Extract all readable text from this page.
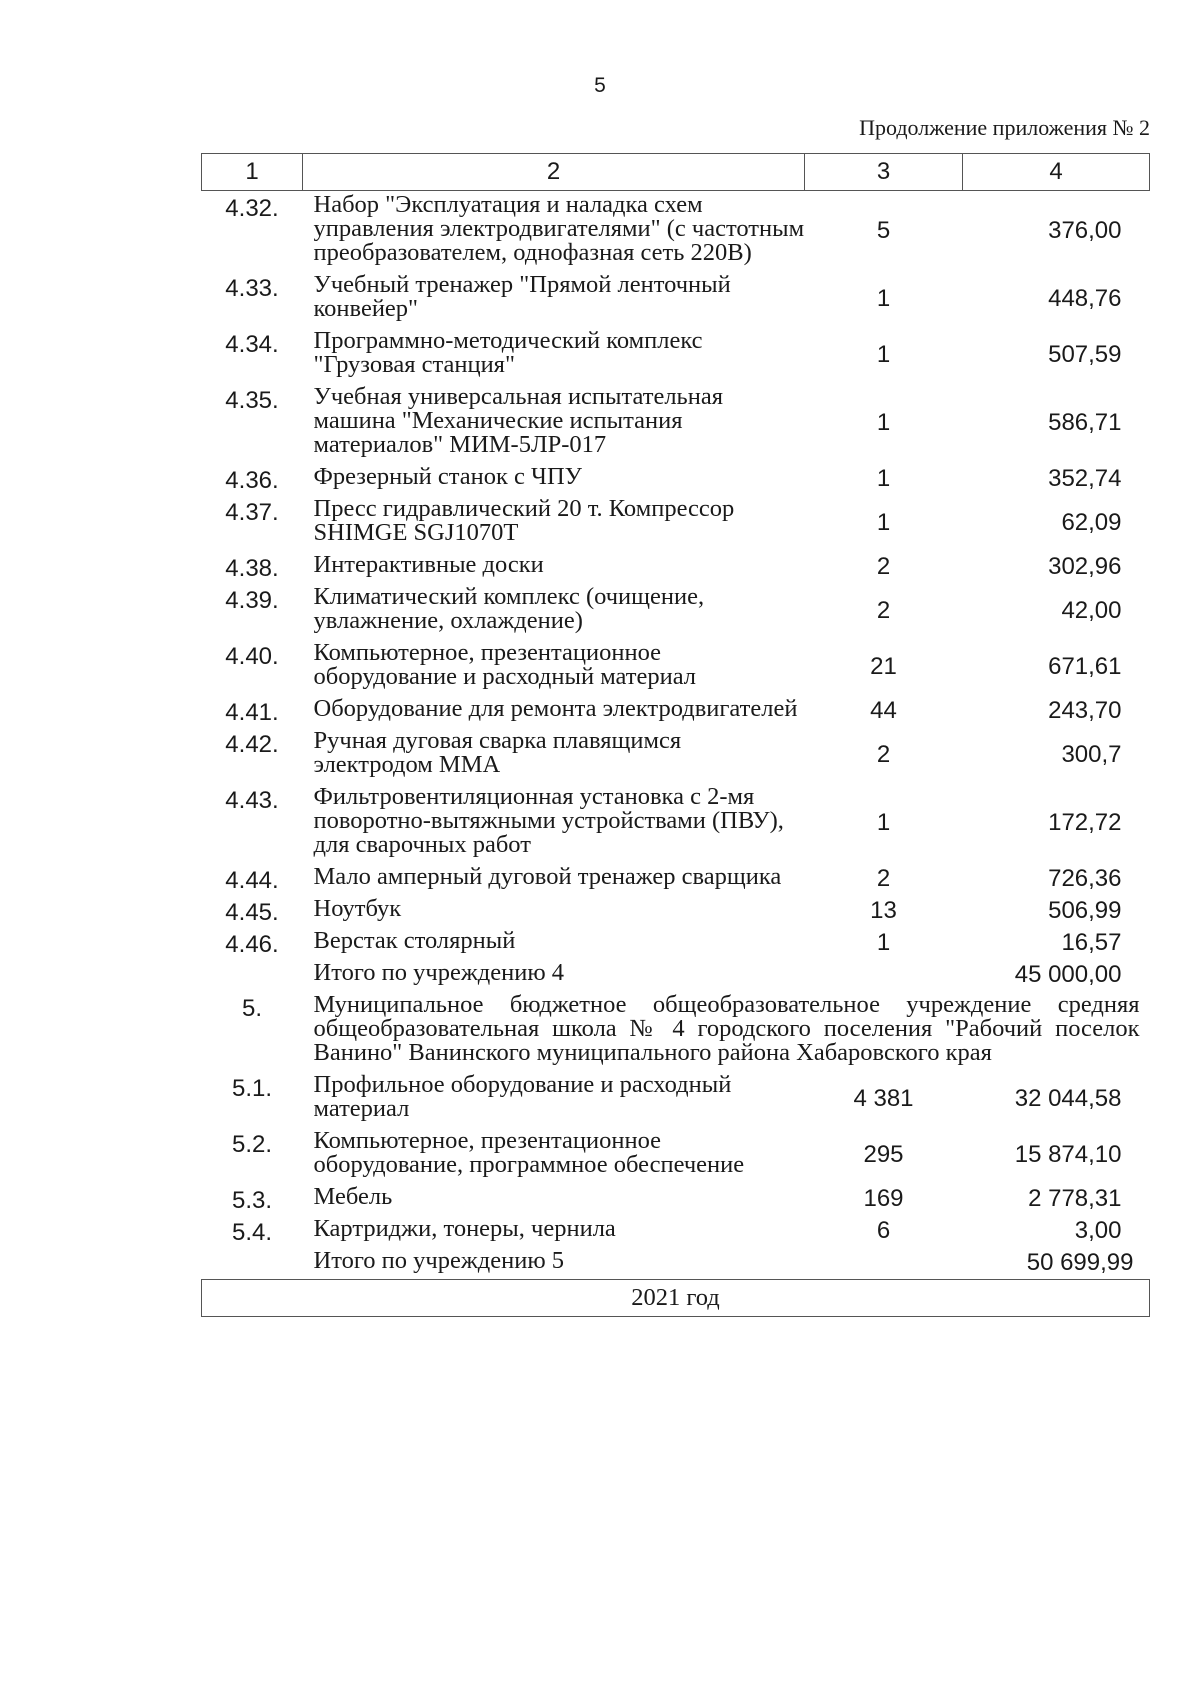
5
Продолжение приложения № 2
1	2	3	4
4.32.	Набор "Эксплуатация и наладка схем управления электродвигателями" (с частотным преобразователем, однофазная сеть 220В)	5	376,00
4.33.	Учебный тренажер "Прямой ленточный конвейер"	1	448,76
4.34.	Программно-методический комплекс "Грузовая станция"	1	507,59
4.35.	Учебная универсальная испытательная машина "Механические испытания материалов" МИМ-5ЛР-017	1	586,71
4.36.	Фрезерный станок с ЧПУ	1	352,74
4.37.	Пресс гидравлический 20 т. Компрессор SHIMGE SGJ1070T	1	62,09
4.38.	Интерактивные доски	2	302,96
4.39.	Климатический комплекс (очищение, увлажнение, охлаждение)	2	42,00
4.40.	Компьютерное, презентационное оборудование и расходный материал	21	671,61
4.41.	Оборудование для ремонта электродвигателей	44	243,70
4.42.	Ручная дуговая сварка плавящимся электродом ММА	2	300,7
4.43.	Фильтровентиляционная установка с 2-мя поворотно-вытяжными устройствами (ПВУ), для сварочных работ	1	172,72
4.44.	Мало амперный дуговой тренажер сварщика	2	726,36
4.45.	Ноутбук	13	506,99
4.46.	Верстак столярный	1	16,57
	Итого по учреждению 4		45 000,00
5.	Муниципальное бюджетное общеобразовательное учреждение средняя общеобразовательная школа № 4 городского поселения "Рабочий поселок Ванино" Ванинского муниципального района Хабаровского края		
5.1.	Профильное оборудование и расходный материал	4 381	32 044,58
5.2.	Компьютерное, презентационное оборудование, программное обеспечение	295	15 874,10
5.3.	Мебель	169	2 778,31
5.4.	Картриджи, тонеры, чернила	6	3,00
	Итого по учреждению 5		50 699,99
2021 год			
